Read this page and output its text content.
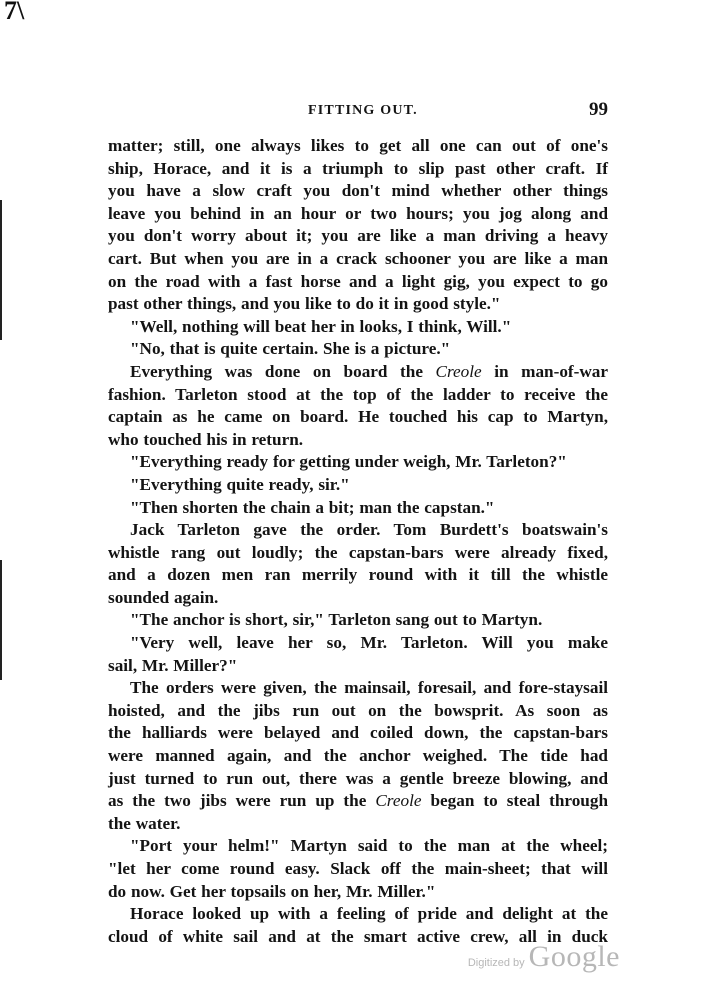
7\
FITTING OUT.	99
matter; still, one always likes to get all one can out of one's
ship, Horace, and it is a triumph to slip past other craft. If
you have a slow craft you don't mind whether other things
leave you behind in an hour or two hours; you jog along and
you don't worry about it; you are like a man driving a heavy
cart. But when you are in a crack schooner you are like a man
on the road with a fast horse and a light gig, you expect to go
past other things, and you like to do it in good style."
"Well, nothing will beat her in looks, I think, Will."
"No, that is quite certain. She is a picture."
Everything was done on board the Creole in man-of-war
fashion. Tarleton stood at the top of the ladder to receive the
captain as he came on board. He touched his cap to Martyn,
who touched his in return.
"Everything ready for getting under weigh, Mr. Tarleton?"
"Everything quite ready, sir."
"Then shorten the chain a bit; man the capstan."
Jack Tarleton gave the order. Tom Burdett's boatswain's
whistle rang out loudly; the capstan-bars were already fixed,
and a dozen men ran merrily round with it till the whistle
sounded again.
"The anchor is short, sir," Tarleton sang out to Martyn.
"Very well, leave her so, Mr. Tarleton. Will you make
sail, Mr. Miller?"
The orders were given, the mainsail, foresail, and fore-staysail
hoisted, and the jibs run out on the bowsprit. As soon as
the halliards were belayed and coiled down, the capstan-bars
were manned again, and the anchor weighed. The tide had
just turned to run out, there was a gentle breeze blowing, and
as the two jibs were run up the Creole began to steal through
the water.
"Port your helm!" Martyn said to the man at the wheel;
"let her come round easy. Slack off the main-sheet; that will
do now. Get her topsails on her, Mr. Miller."
Horace looked up with a feeling of pride and delight at the
cloud of white sail and at the smart active crew, all in duck
Digitized by Google
